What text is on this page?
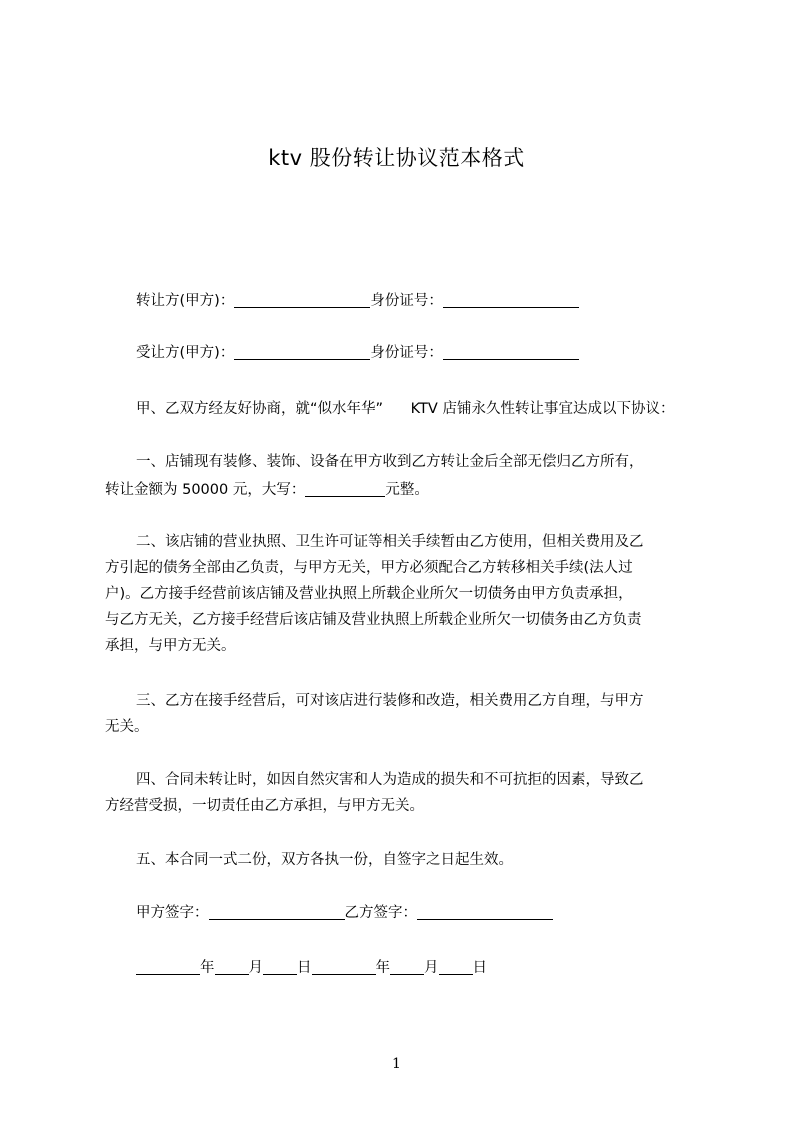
ktv 股份转让协议范本格式
转让方(甲方)：	身份证号：
受让方(甲方)：	身份证号：
甲、乙双方经友好协商，就“似水年华”      KTV 店铺永久性转让事宜达成以下协议：
一、店铺现有装修、装饰、设备在甲方收到乙方转让金后全部无偿归乙方所有，
转让金额为 50000 元，大写：	元整。
二、该店铺的营业执照、卫生许可证等相关手续暂由乙方使用，但相关费用及乙
方引起的债务全部由乙负责，与甲方无关，甲方必须配合乙方转移相关手续(法人过
户)。乙方接手经营前该店铺及营业执照上所载企业所欠一切债务由甲方负责承担，
与乙方无关，乙方接手经营后该店铺及营业执照上所载企业所欠一切债务由乙方负责
承担，与甲方无关。
三、乙方在接手经营后，可对该店进行装修和改造，相关费用乙方自理，与甲方
无关。
四、合同未转让时，如因自然灾害和人为造成的损失和不可抗拒的因素，导致乙
方经营受损，一切责任由乙方承担，与甲方无关。
五、本合同一式二份，双方各执一份，自签字之日起生效。
甲方签字：	乙方签字：
年 月 日	年 月 日
1
